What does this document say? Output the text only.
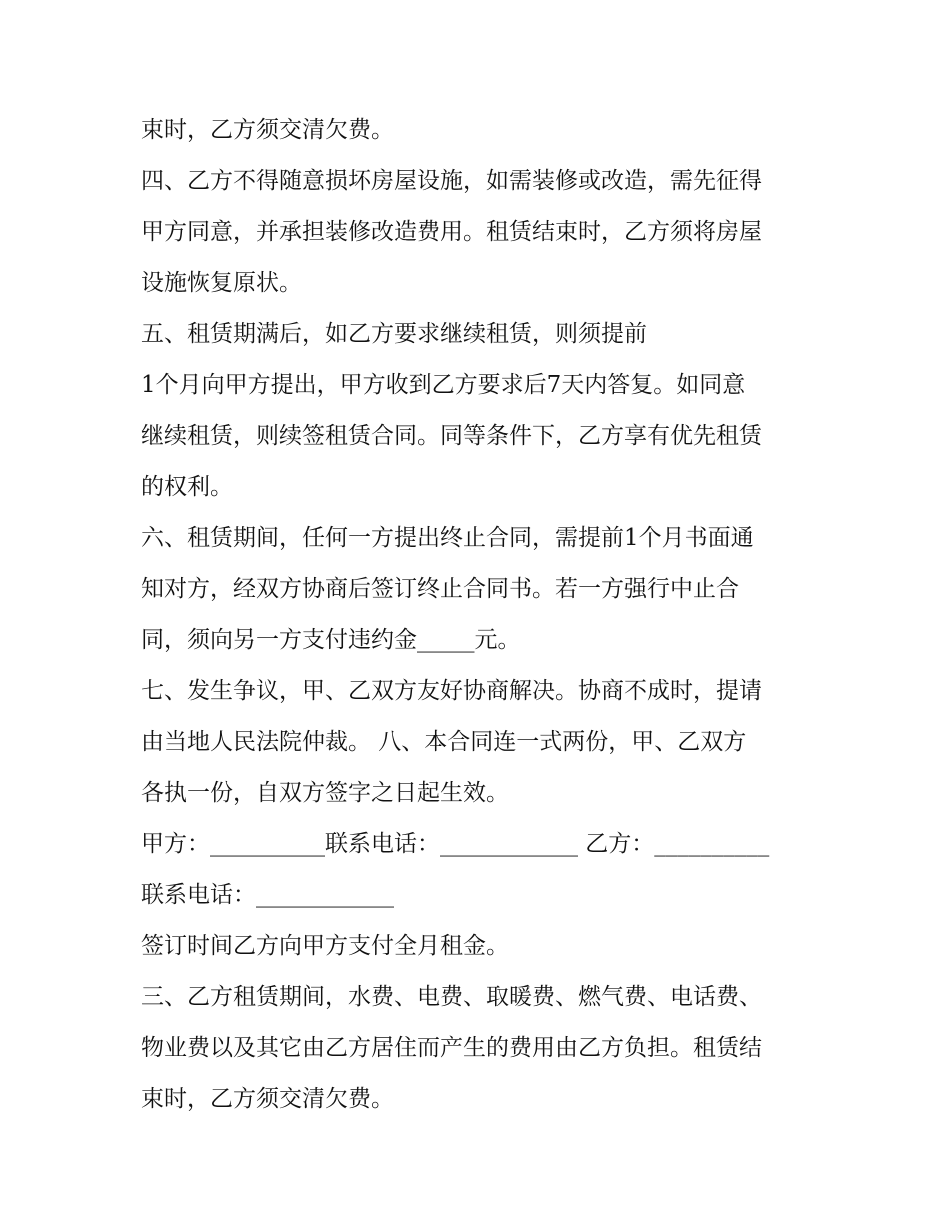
束时，乙方须交清欠费。
四、乙方不得随意损坏房屋设施，如需装修或改造，需先征得
甲方同意，并承担装修改造费用。租赁结束时，乙方须将房屋
设施恢复原状。
五、租赁期满后，如乙方要求继续租赁，则须提前
1个月向甲方提出，甲方收到乙方要求后7天内答复。如同意
继续租赁，则续签租赁合同。同等条件下，乙方享有优先租赁
的权利。
六、租赁期间，任何一方提出终止合同，需提前1个月书面通
知对方，经双方协商后签订终止合同书。若一方强行中止合
同，须向另一方支付违约金_____元。
七、发生争议，甲、乙双方友好协商解决。协商不成时，提请
由当地人民法院仲裁。 八、本合同连一式两份，甲、乙双方
各执一份，自双方签字之日起生效。
甲方：__________联系电话：____________ 乙方：__________
联系电话：____________
签订时间乙方向甲方支付全月租金。
三、乙方租赁期间，水费、电费、取暖费、燃气费、电话费、
物业费以及其它由乙方居住而产生的费用由乙方负担。租赁结
束时，乙方须交清欠费。
